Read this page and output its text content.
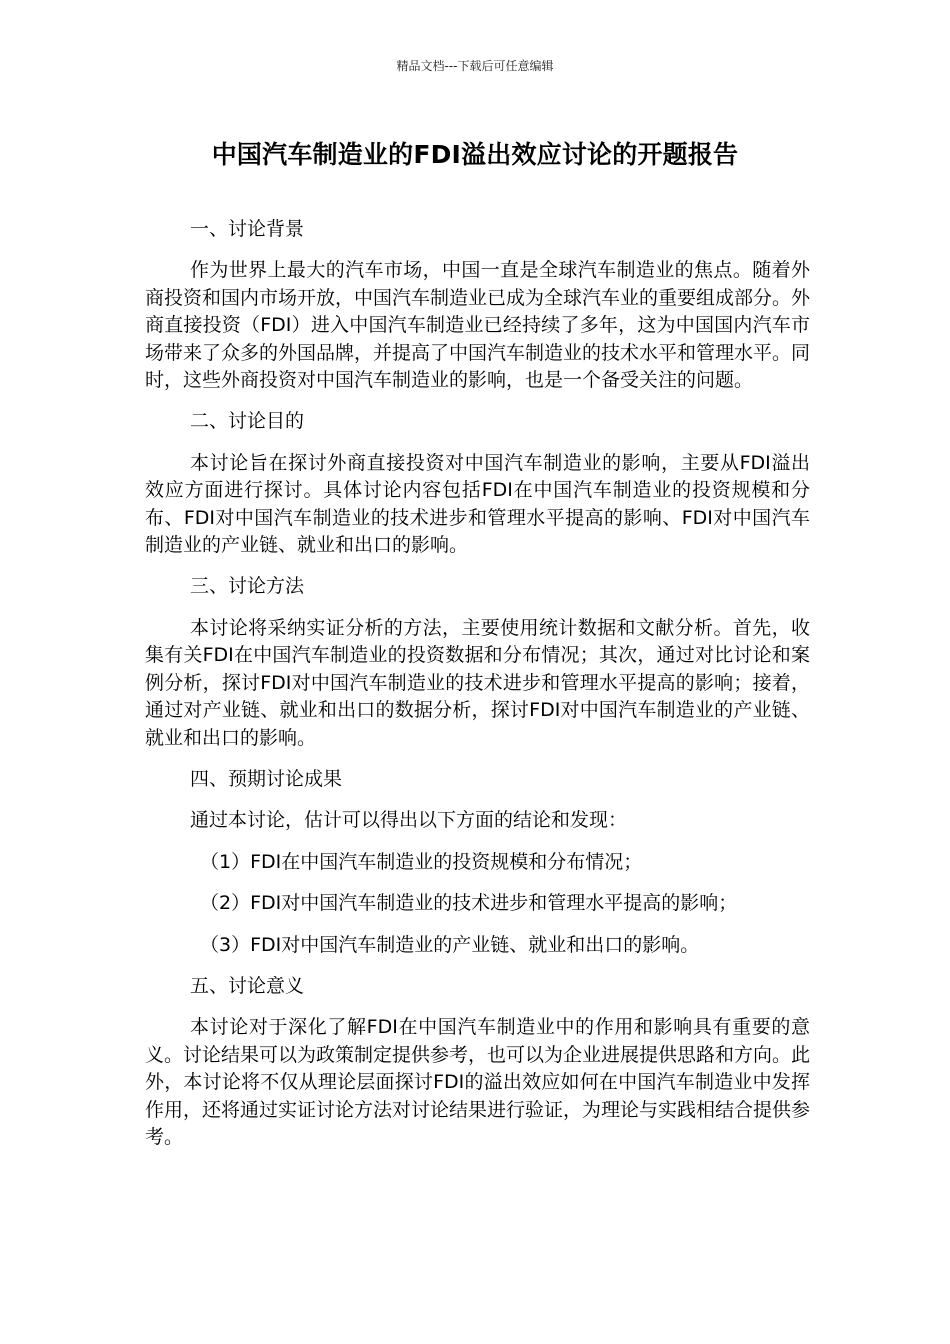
精品文档---下载后可任意编辑
中国汽车制造业的FDI溢出效应讨论的开题报告

一、讨论背景

作为世界上最大的汽车市场，中国一直是全球汽车制造业的焦点。随着外商投资和国内市场开放，中国汽车制造业已成为全球汽车业的重要组成部分。外商直接投资（FDI）进入中国汽车制造业已经持续了多年，这为中国国内汽车市场带来了众多的外国品牌，并提高了中国汽车制造业的技术水平和管理水平。同时，这些外商投资对中国汽车制造业的影响，也是一个备受关注的问题。

二、讨论目的

本讨论旨在探讨外商直接投资对中国汽车制造业的影响，主要从FDI溢出效应方面进行探讨。具体讨论内容包括FDI在中国汽车制造业的投资规模和分布、FDI对中国汽车制造业的技术进步和管理水平提高的影响、FDI对中国汽车制造业的产业链、就业和出口的影响。

三、讨论方法

本讨论将采纳实证分析的方法，主要使用统计数据和文献分析。首先，收集有关FDI在中国汽车制造业的投资数据和分布情况；其次，通过对比讨论和案例分析，探讨FDI对中国汽车制造业的技术进步和管理水平提高的影响；接着，通过对产业链、就业和出口的数据分析，探讨FDI对中国汽车制造业的产业链、就业和出口的影响。

四、预期讨论成果

通过本讨论，估计可以得出以下方面的结论和发现：

（1）FDI在中国汽车制造业的投资规模和分布情况；

（2）FDI对中国汽车制造业的技术进步和管理水平提高的影响；

（3）FDI对中国汽车制造业的产业链、就业和出口的影响。

五、讨论意义

本讨论对于深化了解FDI在中国汽车制造业中的作用和影响具有重要的意义。讨论结果可以为政策制定提供参考，也可以为企业进展提供思路和方向。此外，本讨论将不仅从理论层面探讨FDI的溢出效应如何在中国汽车制造业中发挥作用，还将通过实证讨论方法对讨论结果进行验证，为理论与实践相结合提供参考。
